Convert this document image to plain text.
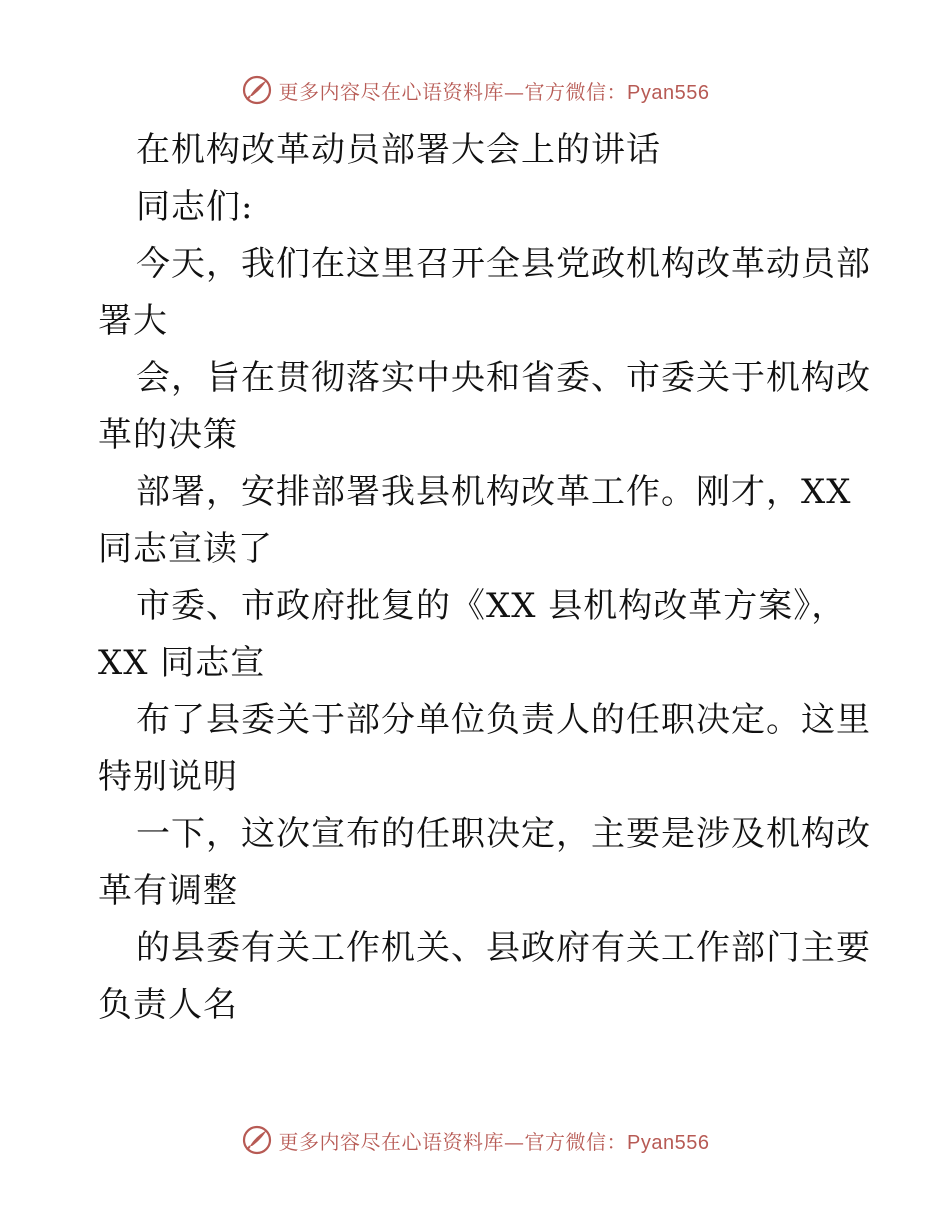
更多内容尽在心语资料库—官方微信：Pyan556
在机构改革动员部署大会上的讲话
同志们:
今天，我们在这里召开全县党政机构改革动员部
署大
会，旨在贯彻落实中央和省委、市委关于机构改
革的决策
部署，安排部署我县机构改革工作。刚才，XX
同志宣读了
市委、市政府批复的《XX 县机构改革方案》，
XX 同志宣
布了县委关于部分单位负责人的任职决定。这里
特别说明
一下，这次宣布的任职决定，主要是涉及机构改
革有调整
的县委有关工作机关、县政府有关工作部门主要
负责人名
更多内容尽在心语资料库—官方微信：Pyan556
